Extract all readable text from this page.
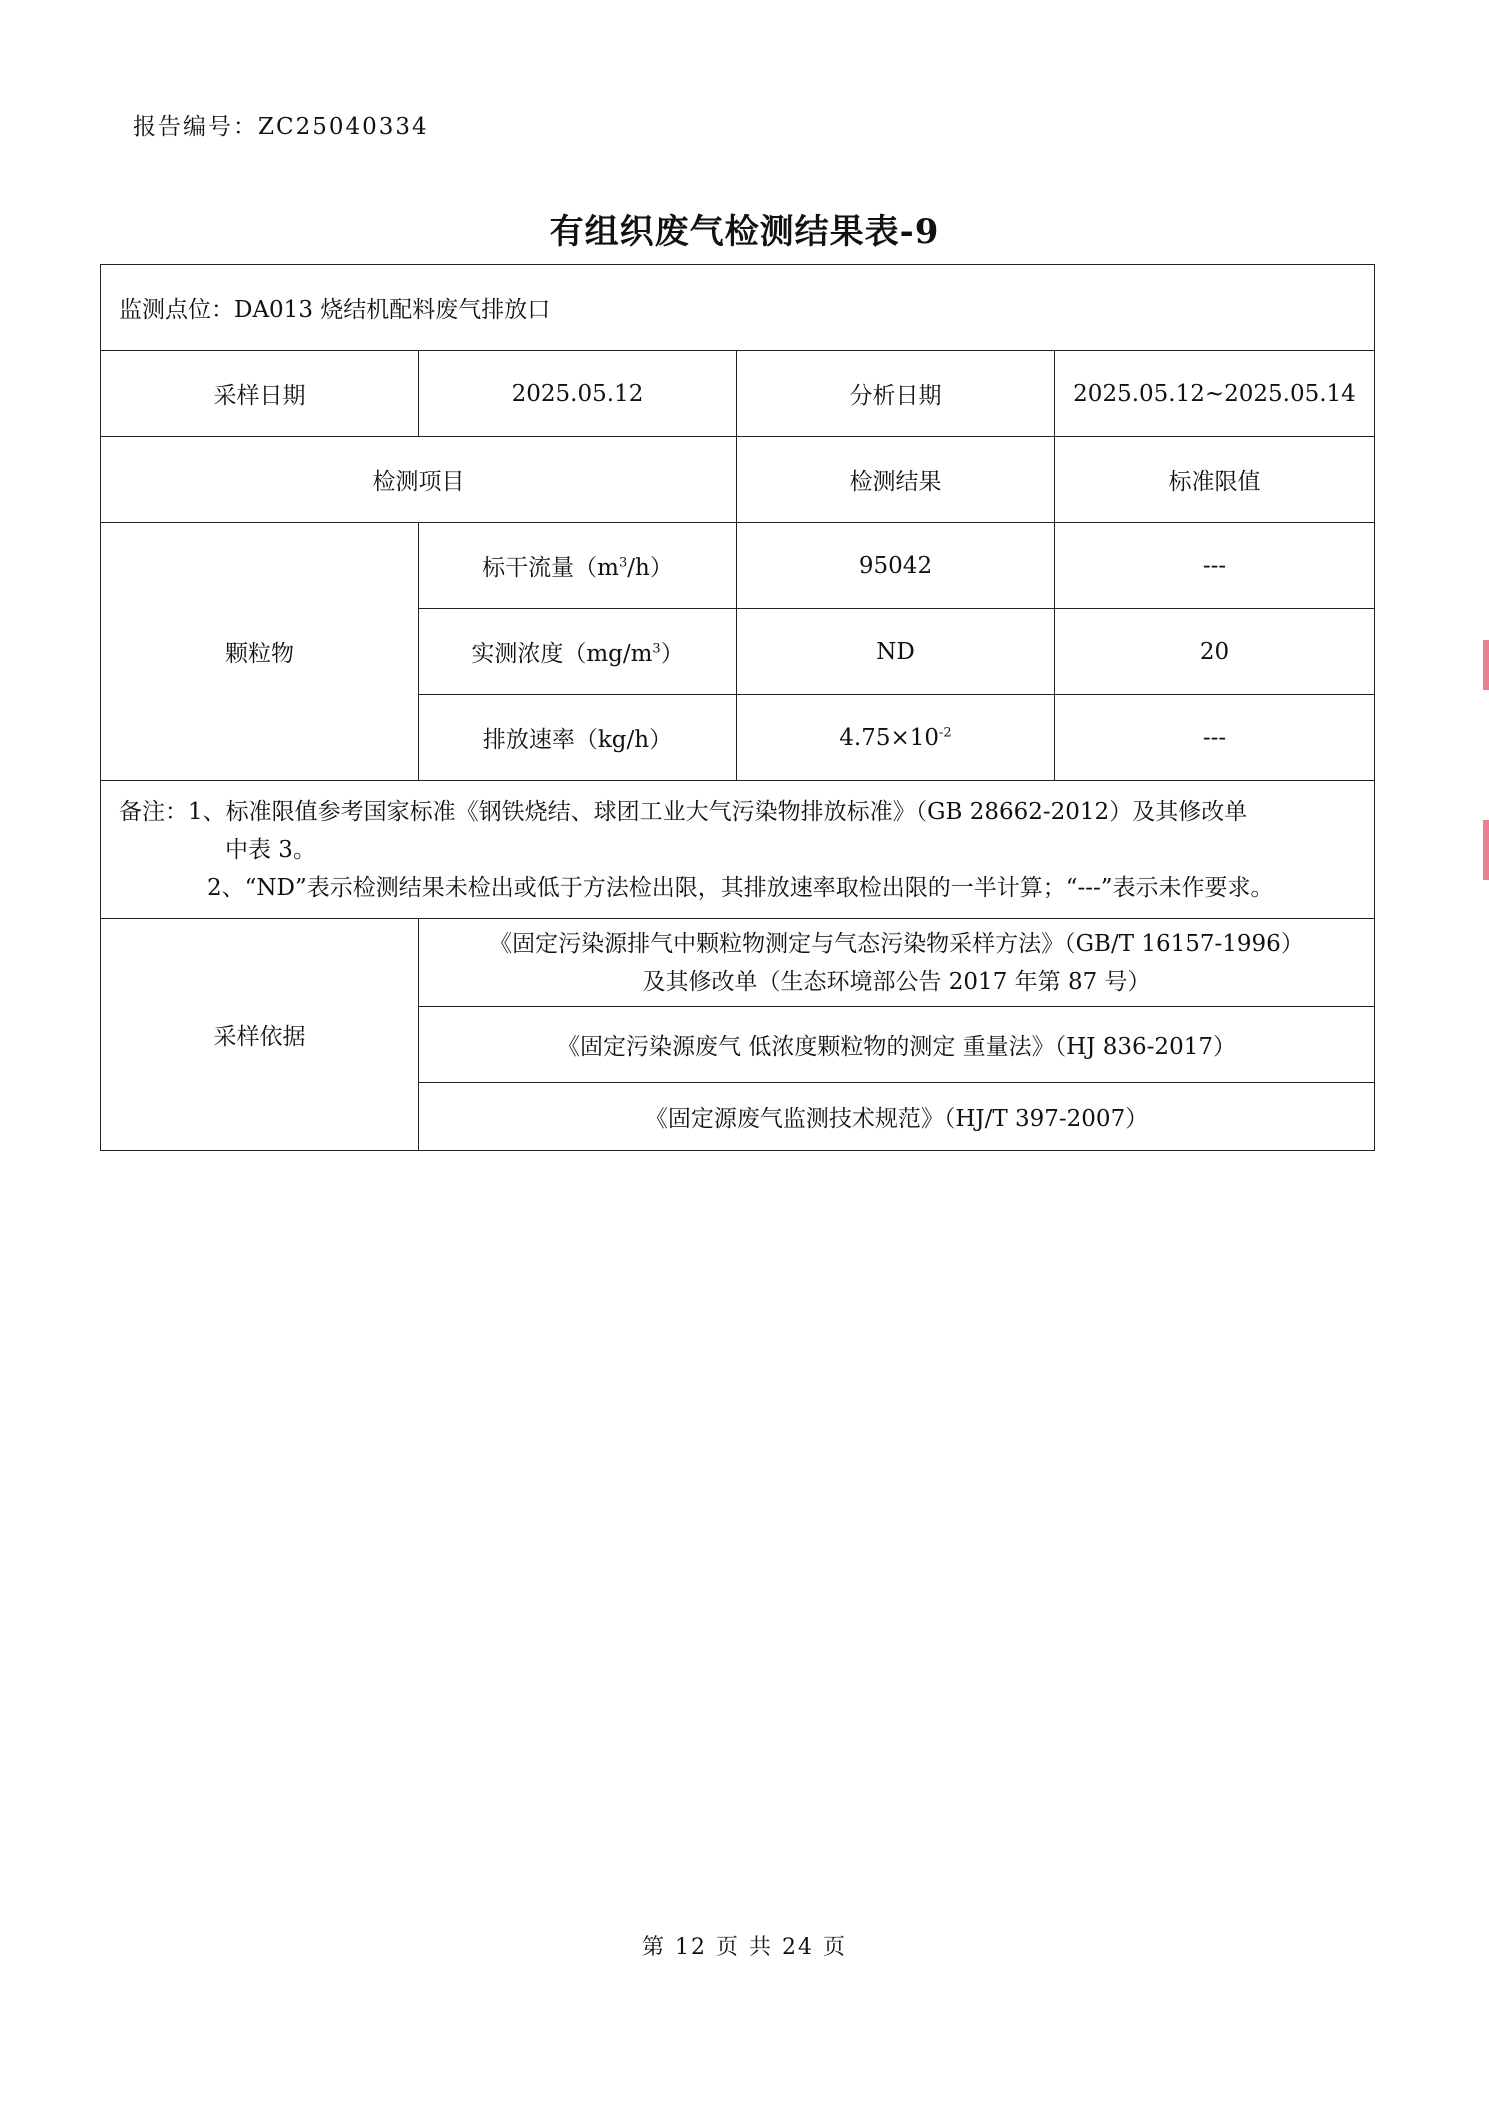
报告编号：ZC25040334
有组织废气检测结果表-9
监测点位：DA013 烧结机配料废气排放口			
采样日期	2025.05.12	分析日期	2025.05.12~2025.05.14
检测项目		检测结果	标准限值
颗粒物	标干流量$(m^3/h)$	95042	---
	实测浓度$(mg/m^3)$	ND	20
	排放速率（kg/h）	$4.75\times 10^{-2}$	---

备注：1、标准限值参考国家标准《钢铁烧结、球团工业大气污染物排放标准》（GB 28662-2012）及其修改单
中表 3。
2、“ND”表示检测结果未检出或低于方法检出限，其排放速率取检出限的一半计算；“---”表示未作要求。			

采样依据	《固定污染源排气中颗粒物测定与气态污染物采样方法》（GB/T 16157-1996）
及其修改单（生态环境部公告 2017 年第 87 号）		

	《固定污染源废气 低浓度颗粒物的测定 重量法》（HJ 836-2017）		
	《固定源废气监测技术规范》（HJ/T 397-2007）		
第 12 页 共 24 页
